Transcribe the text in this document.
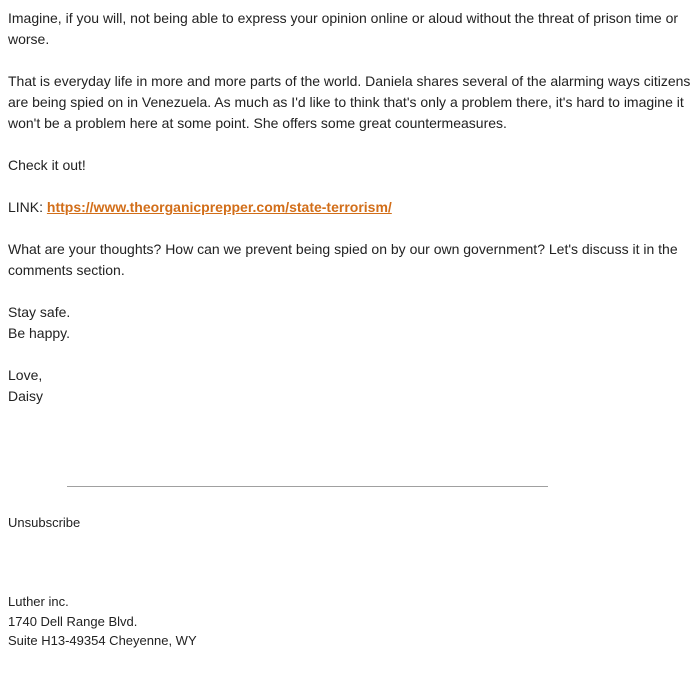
Imagine, if you will, not being able to express your opinion online or aloud without the threat of prison time or worse.

That is everyday life in more and more parts of the world. Daniela shares several of the alarming ways citizens are being spied on in Venezuela. As much as I'd like to think that's only a problem there, it's hard to imagine it won't be a problem here at some point. She offers some great countermeasures.

Check it out!

LINK: https://www.theorganicprepper.com/state-terrorism/

What are your thoughts? How can we prevent being spied on by our own government? Let's discuss it in the comments section.

Stay safe.
Be happy.

Love,
Daisy

Unsubscribe
Luther inc.
1740 Dell Range Blvd.
Suite H13-49354 Cheyenne, WY
